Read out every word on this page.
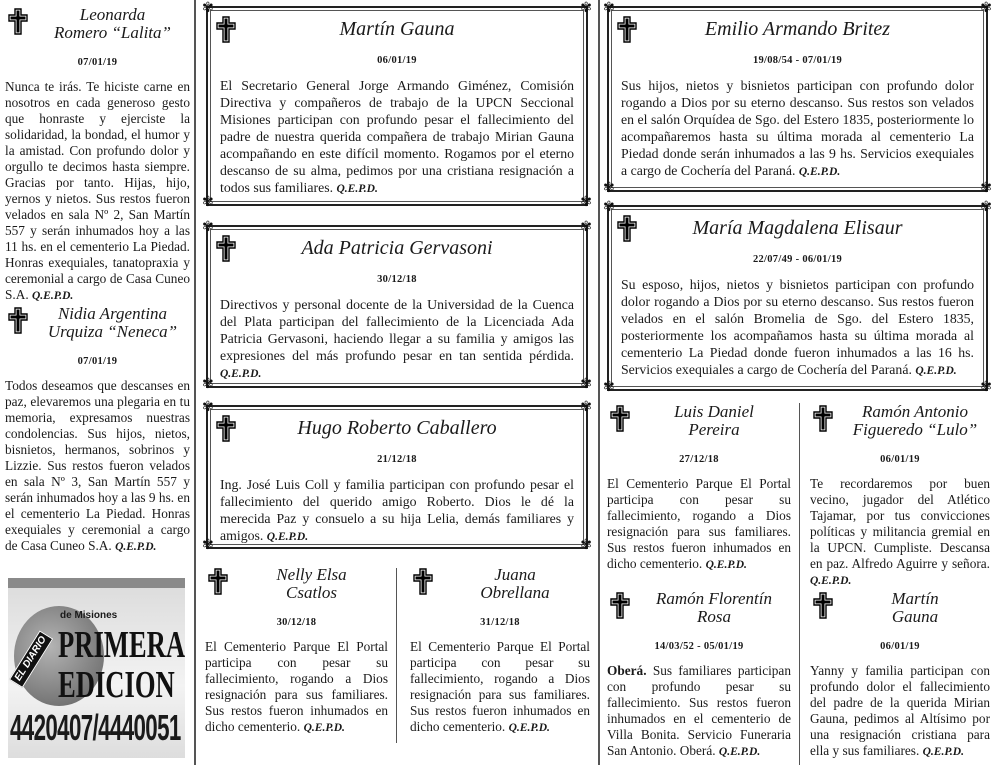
Leonarda
Romero “Lalita”
07/01/19
Nunca te irás. Te hiciste carne en nosotros en cada generoso gesto que honraste y ejerciste la solidaridad, la bondad, el humor y la amistad. Con profundo dolor y orgullo te decimos hasta siempre. Gracias por tanto. Hijas, hijo, yernos y nietos. Sus restos fueron velados en sala Nº 2, San Martín 557 y serán inhumados hoy a las 11 hs. en el cementerio La Piedad. Honras exequiales, tanatopraxia y ceremonial a cargo de Casa Cuneo S.A. Q.E.P.D.
Nidia Argentina
Urquiza “Neneca”
07/01/19
Todos deseamos que descanses en paz, elevaremos una plegaria en tu memoria, expresamos nuestras condolencias. Sus hijos, nietos, bisnietos, hermanos, sobrinos y Lizzie. Sus restos fueron velados en sala Nº 3, San Martín 557 y serán inhumados hoy a las 9 hs. en el cementerio La Piedad. Honras exequiales y ceremonial a cargo de Casa Cuneo S.A. Q.E.P.D.
✾	✾
✾	✾
Martín Gauna
06/01/19
El Secretario General Jorge Armando Giménez, Comisión Directiva y compañeros de trabajo de la UPCN Seccional Misiones participan con profundo pesar el fallecimiento del padre de nuestra querida compañera de trabajo Mirian Gauna acompañando en este difícil momento. Rogamos por el eterno descanso de su alma, pedimos por una cristiana resignación a todos sus familiares. Q.E.P.D.
✾	✾
✾	✾
Ada Patricia Gervasoni
30/12/18
Directivos y personal docente de la Universidad de la Cuenca del Plata participan del fallecimiento de la Licenciada Ada Patricia Gervasoni, haciendo llegar a su familia y amigos las expresiones del más profundo pesar en tan sentida pérdida. Q.E.P.D.
✾	✾
✾	✾
Hugo Roberto Caballero
21/12/18
Ing. José Luis Coll y familia participan con profundo pesar el fallecimiento del querido amigo Roberto. Dios le dé la merecida Paz y consuelo a su hija Lelia, demás familiares y amigos. Q.E.P.D.
Nelly Elsa
Csatlos
30/12/18
El Cementerio Parque El Portal participa con pesar su fallecimiento, rogando a Dios resignación para sus familiares. Sus restos fueron inhumados en dicho cementerio. Q.E.P.D.
Juana
Obrellana
31/12/18
El Cementerio Parque El Portal participa con pesar su fallecimiento, rogando a Dios resignación para sus familiares. Sus restos fueron inhumados en dicho cementerio. Q.E.P.D.
✾	✾
✾	✾
Emilio Armando Britez
19/08/54 - 07/01/19
Sus hijos, nietos y bisnietos participan con profundo dolor rogando a Dios por su eterno descanso. Sus restos son velados en el salón Orquídea de Sgo. del Estero 1835, posteriormente lo acompañaremos hasta su última morada al cementerio La Piedad donde serán inhumados a las 9 hs. Servicios exequiales a cargo de Cochería del Paraná. Q.E.P.D.
✾	✾
✾	✾
María Magdalena Elisaur
22/07/49 - 06/01/19
Su esposo, hijos, nietos y bisnietos participan con profundo dolor rogando a Dios por su eterno descanso. Sus restos fueron velados en el salón Bromelia de Sgo. del Estero 1835, posteriormente los acompañamos hasta su última morada al cementerio La Piedad donde fueron inhumados a las 16 hs. Servicios exequiales a cargo de Cochería del Paraná. Q.E.P.D.
Luis Daniel
Pereira
27/12/18
El Cementerio Parque El Portal participa con pesar su fallecimiento, rogando a Dios resignación para sus familiares. Sus restos fueron inhumados en dicho cementerio. Q.E.P.D.
Ramón Antonio
Figueredo “Lulo”
06/01/19
Te recordaremos por buen vecino, jugador del Atlético Tajamar, por tus convicciones políticas y militancia gremial en la UPCN. Cumpliste. Descansa en paz. Alfredo Aguirre y señora. Q.E.P.D.
Ramón Florentín
Rosa
14/03/52 - 05/01/19
Oberá. Sus familiares participan con profundo pesar su fallecimiento. Sus restos fueron inhumados en el cementerio de Villa Bonita. Servicio Funeraria San Antonio. Oberá. Q.E.P.D.
Martín
Gauna
06/01/19
Yanny y familia participan con profundo dolor el fallecimiento del padre de la querida Mirian Gauna, pedimos al Altísimo por una resignación cristiana para ella y sus familiares. Q.E.P.D.
EL DIARIO
de Misiones
PRIMERA
EDICION
4420407/4440051
